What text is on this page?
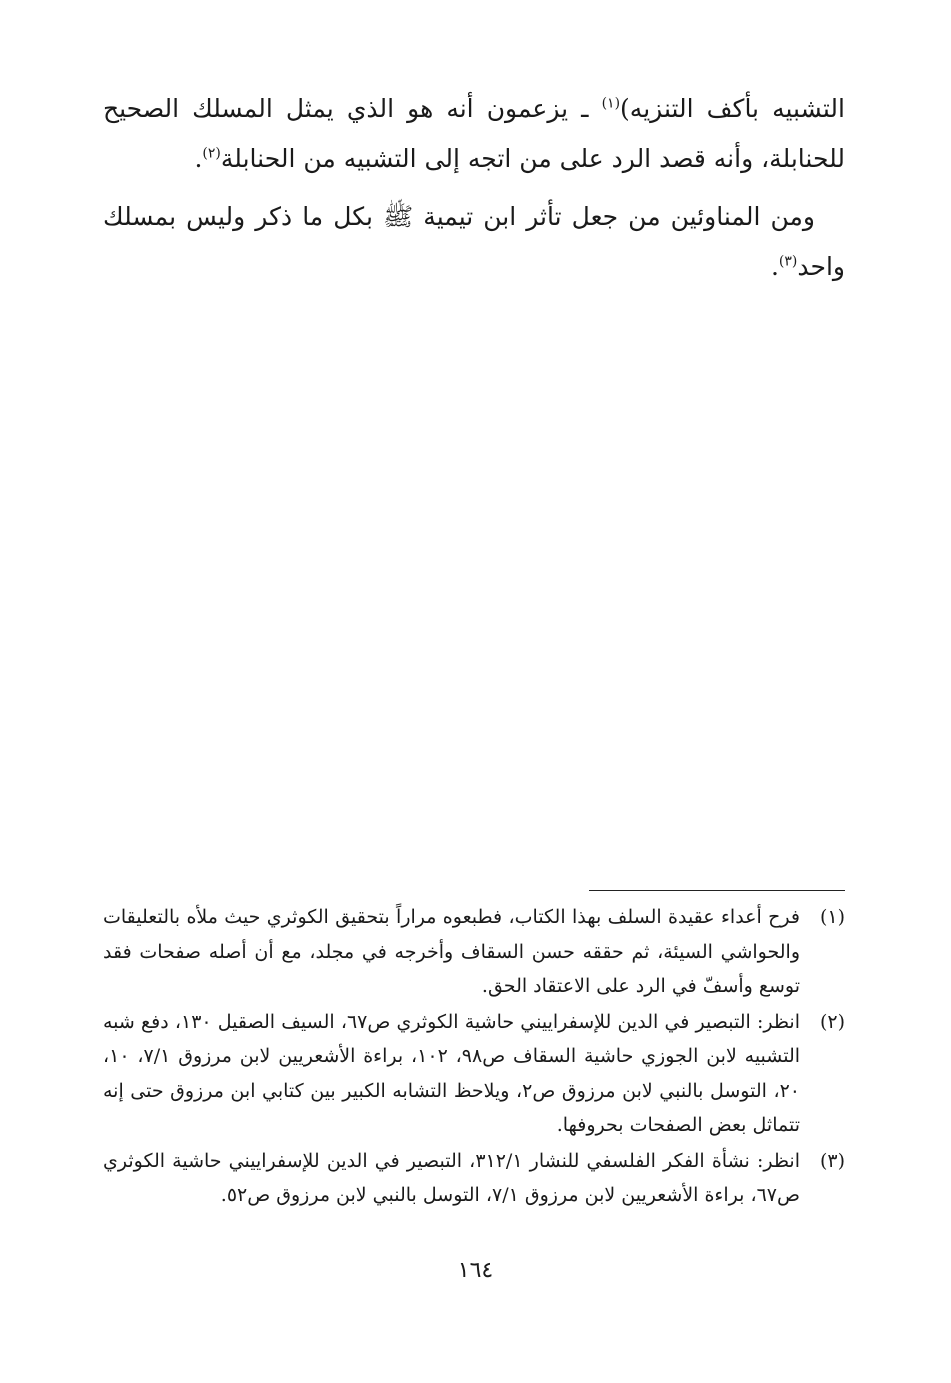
التشبيه بأكف التنزيه)$^{(١)}$ ـ يزعمون أنه هو الذي يمثل المسلك الصحيح للحنابلة، وأنه قصد الرد على من اتجه إلى التشبيه من الحنابلة$^{(٢)}$.

ومن المناوئين من جعل تأثر ابن تيمية ﷺ بكل ما ذكر وليس بمسلك واحد$^{(٣)}$.

(١)
فرح أعداء عقيدة السلف بهذا الكتاب، فطبعوه مراراً بتحقيق الكوثري حيث ملأه بالتعليقات والحواشي السيئة، ثم حققه حسن السقاف وأخرجه في مجلد، مع أن أصله صفحات فقد توسع وأسفّ في الرد على الاعتقاد الحق.
(٢)
انظر: التبصير في الدين للإسفراييني حاشية الكوثري ص٦٧، السيف الصقيل ١٣٠، دفع شبه التشبيه لابن الجوزي حاشية السقاف ص٩٨، ١٠٢، براءة الأشعريين لابن مرزوق ٧/١، ١٠، ٢٠، التوسل بالنبي لابن مرزوق ص٢، ويلاحظ التشابه الكبير بين كتابي ابن مرزوق حتى إنه تتماثل بعض الصفحات بحروفها.
(٣)
انظر: نشأة الفكر الفلسفي للنشار ٣١٢/١، التبصير في الدين للإسفراييني حاشية الكوثري ص٦٧، براءة الأشعريين لابن مرزوق ٧/١، التوسل بالنبي لابن مرزوق ص٥٢.
١٦٤
